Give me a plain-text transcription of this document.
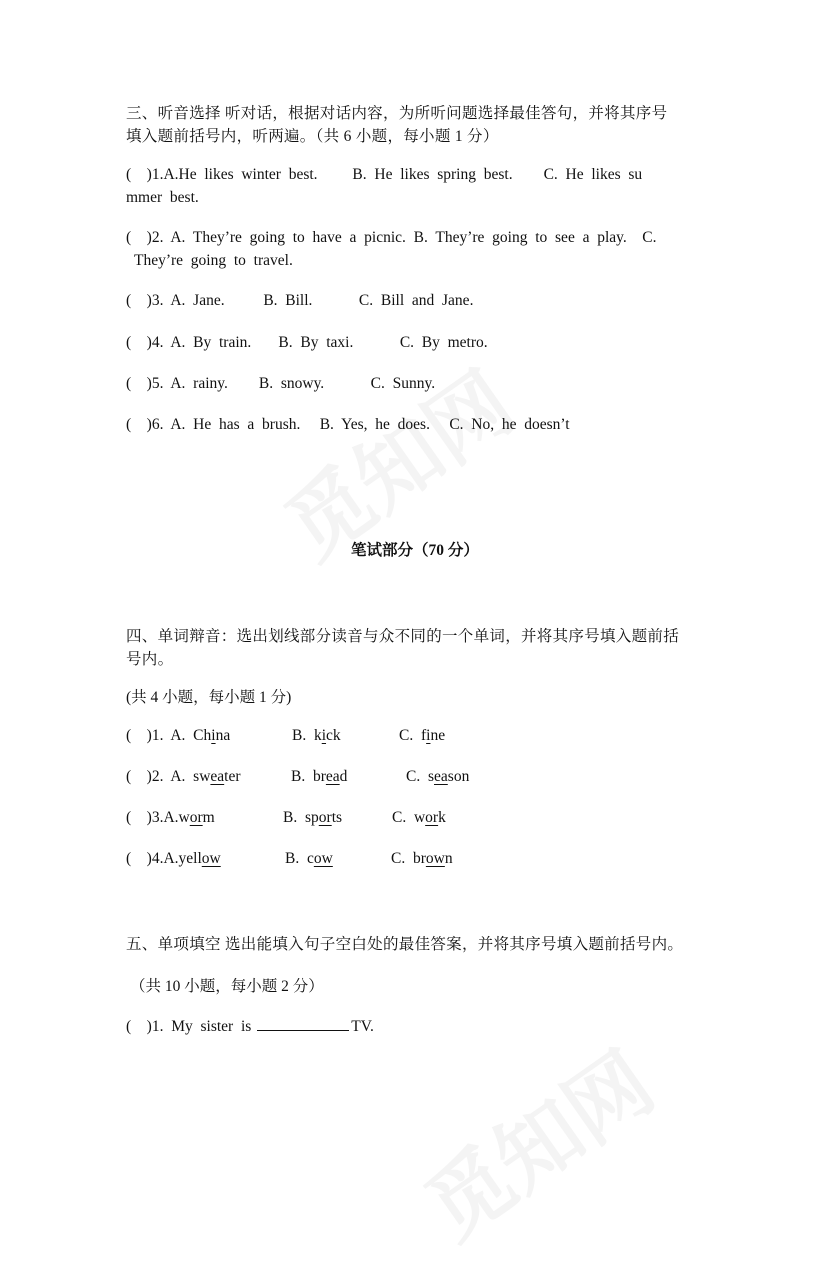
三、听音选择 听对话，根据对话内容，为所听问题选择最佳答句，并将其序号
填入题前括号内，听两遍。（共 6 小题，每小题 1 分）
(    )1.A.He  likes  winter  best.         B.  He  likes  spring  best.        C.  He  likes  su
mmer  best.
(    )2.  A.  They’re  going  to  have  a  picnic.  B.  They’re  going  to  see  a  play.    C.
They’re  going  to  travel.
(    )3.  A.  Jane.          B.  Bill.            C.  Bill  and  Jane.
(    )4.  A.  By  train.       B.  By  taxi.            C.  By  metro.
(    )5.  A.  rainy.        B.  snowy.            C.  Sunny.
(    )6.  A.  He  has  a  brush.     B.  Yes,  he  does.     C.  No,  he  doesn’t
笔试部分（70 分）
四、单词辩音：选出划线部分读音与众不同的一个单词，并将其序号填入题前括
号内。
(共 4 小题，每小题 1 分)
(    )1.  A.  China	B.  kick	C.  fine
(    )2.  A.  sweater	B.  bread	C.  season
(    )3.A.worm	B.  sports	C.  work
(    )4.A.yellow	B.  cow	C.  brown
五、单项填空 选出能填入句子空白处的最佳答案，并将其序号填入题前括号内。
（共 10 小题，每小题 2 分）
(    )1.  My  sister  is	TV.
